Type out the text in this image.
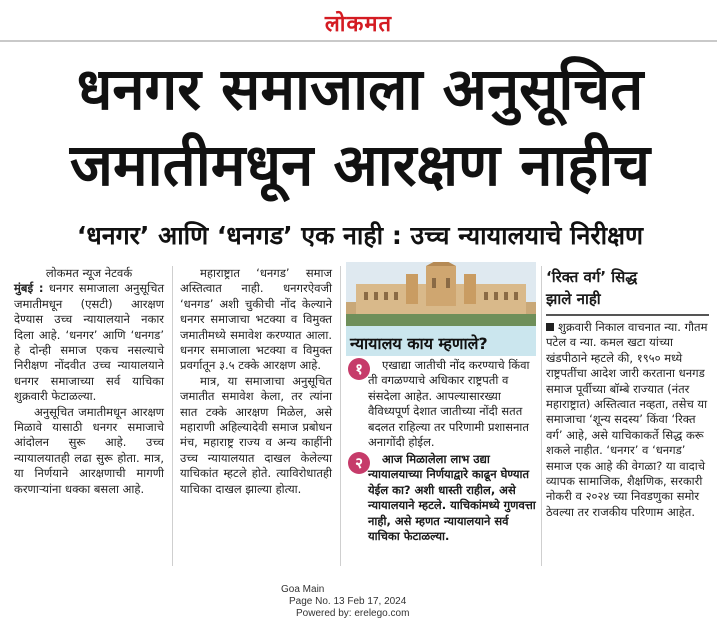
लोकमत
धनगर समाजाला अनुसूचित
जमातीमधून आरक्षण नाहीच
‘धनगर’ आणि ‘धनगड’ एक नाही : उच्च न्यायालयाचे निरीक्षण

लोकमत न्यूज नेटवर्क

मुंबई : धनगर समाजाला अनुसूचित जमातीमधून (एसटी) आरक्षण देण्यास उच्च न्यायालयाने नकार दिला आहे. ‘धनगर’ आणि ‘धनगड’ हे दोन्ही समाज एकच नसल्याचे निरीक्षण नोंदवीत उच्च न्यायालयाने धनगर समाजाच्या सर्व याचिका शुक्रवारी फेटाळल्या.

अनुसूचित जमातीमधून आरक्षण मिळावे यासाठी धनगर समाजाचे आंदोलन सुरू आहे. उच्च न्यायालयातही लढा सुरू होता. मात्र, या निर्णयाने आरक्षणाची मागणी करणाऱ्यांना धक्का बसला आहे.

महाराष्ट्रात ‘धनगड’ समाज अस्तित्वात नाही. धनगरऐवजी ‘धनगड’ अशी चुकीची नोंद केल्याने धनगर समाजाचा भटक्या व विमुक्त जमातीमध्ये समावेश करण्यात आला. धनगर समाजाला भटक्या व विमुक्त प्रवर्गातून ३.५ टक्के आरक्षण आहे.

मात्र, या समाजाचा अनुसूचित जमातीत समावेश केला, तर त्यांना सात टक्के आरक्षण मिळेल, असे महाराणी अहिल्यादेवी समाज प्रबोधन मंच, महाराष्ट्र राज्य व अन्य काहींनी उच्च न्यायालयात दाखल केलेल्या याचिकांत म्हटले होते. त्याविरोधातही याचिका दाखल झाल्या होत्या.

न्यायालय काय म्हणाले?
१	एखाद्या जातीची नोंद करण्याचे किंवा ती वगळण्याचे अधिकार राष्ट्रपती व संसदेला आहेत. आपल्यासारख्या वैविध्यपूर्ण देशात जातीच्या नोंदी सतत बदलत राहिल्या तर परिणामी प्रशासनात अनागोंदी होईल.
२	आज मिळालेला लाभ उद्या न्यायालयाच्या निर्णयाद्वारे काढून घेण्यात येईल का? अशी धास्ती राहील, असे न्यायालयाने म्हटले. याचिकांमध्ये गुणवत्ता नाही, असे म्हणत न्यायालयाने सर्व याचिका फेटाळल्या.
‘रिक्त वर्ग’ सिद्ध
झाले नाही
शुक्रवारी निकाल वाचनात न्या. गौतम पटेल व न्या. कमल खटा यांच्या खंडपीठाने म्हटले की, १९५० मध्ये राष्ट्रपतींचा आदेश जारी करताना धनगड समाज पूर्वीच्या बॉम्बे राज्यात (नंतर महाराष्ट्रात) अस्तित्वात नव्हता, तसेच या समाजाचा ‘शून्य सदस्य’ किंवा ‘रिक्त वर्ग’ आहे, असे याचिकाकर्ते सिद्ध करू शकले नाहीत. ‘धनगर’ व ‘धनगड’ समाज एक आहे की वेगळा? या वादाचे व्यापक सामाजिक, शैक्षणिक, सरकारी नोकरी व २०२४ च्या निवडणुका समोर ठेवल्या तर राजकीय परिणाम आहेत.
Goa Main
Page No. 13 Feb 17, 2024
Powered by: erelego.com
